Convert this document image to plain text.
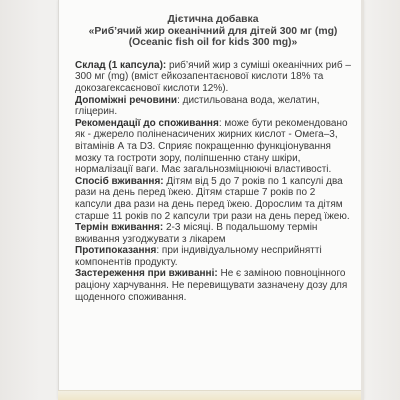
Дієтична добавка
«Риб’ячий жир океанічний для дітей 300 мг (mg)
(Oceanic fish oil for kids 300 mg)»

Склад (1 капсула): риб’ячий жир з суміші океанічних риб – 300 мг (mg) (вміст ейкозапентаєнової кислоти 18% та докозагексаєнової кислоти 12%).

Допоміжні речовини: дистильована вода, желатин, гліцерин.

Рекомендації до споживання: може бути рекомендовано як - джерело поліненасичених жирних кислот - Омега–3, вітамінів А та D3. Сприяє покращенню функціонування мозку та гостроти зору, поліпшенню стану шкіри, нормалізації ваги. Має загальнозміцнюючі властивості.

Спосіб вживання: Дітям від 5 до 7 років по 1 капсулі два рази на день перед їжею. Дітям старше 7 років по 2 капсули два рази на день перед їжею. Дорослим та дітям старше 11 років по 2 капсули три рази на день перед їжею.

Термін вживання: 2-3 місяці. В подальшому термін вживання узгоджувати з лікарем

Протипоказання: при індивідуальному несприйнятті компонентів продукту.

Застереження при вживанні: Не є заміною повноцінного раціону харчування. Не перевищувати зазначену дозу для щоденного споживання.
